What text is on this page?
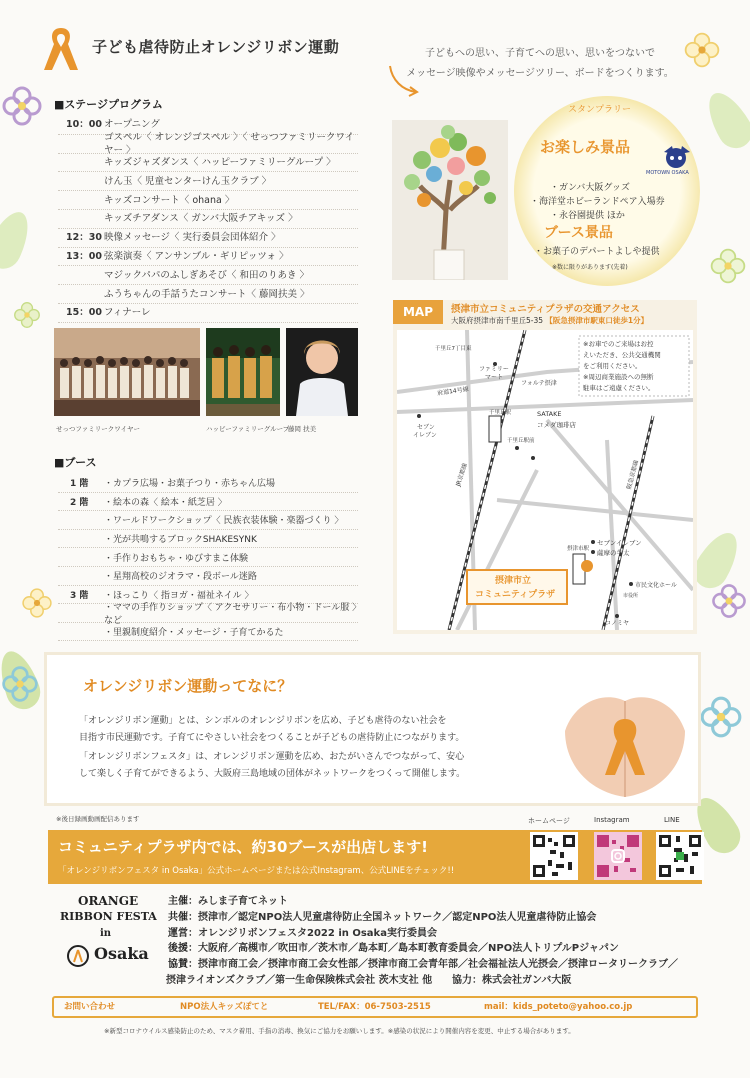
子ども虐待防止オレンジリボン運動
■ステージプログラム
10：00 オープニング
ゴスペル〈 オレンジゴスペル 〉〈 せっつファミリークワイヤー 〉
キッズジャズダンス〈 ハッピーファミリーグループ 〉
けん玉〈 児童センターけん玉クラブ 〉
キッズコンサート〈 ohana 〉
キッズチアダンス〈 ガンバ大阪チアキッズ 〉
12：30 映像メッセージ〈 実行委員会団体紹介 〉
13：00 弦楽演奏〈 アンサンブル・ギリピッツォ 〉
マジックパパのふしぎあそび〈 和田のりあき 〉
ふうちゃんの手話うたコンサート〈 藤岡扶美 〉
15：00 フィナーレ
せっつファミリークワイヤー	ハッピーファミリーグループ
藤岡 扶美
■ブース
1 階	・カプラ広場・お菓子つり・赤ちゃん広場
2 階	・絵本の森〈 絵本・紙芝居 〉
・ワールドワークショップ〈 民族衣装体験・楽器づくり 〉
・光が共鳴するブロックSHAKESYNK
・手作りおもちゃ・ゆびすまこ体験
・星翔高校のジオラマ・段ボール迷路
3 階	・ほっこり〈 指ヨガ・福祉ネイル 〉
・ママの手作りショップ〈 アクセサリー・布小物・ドール服 〉など
・里親制度紹介・メッセージ・子育てかるた
子どもへの思い、子育てへの思い、思いをつないで
メッセージ映像やメッセージツリー、ボードをつくります。
スタンプラリー
お楽しみ景品
MOTOWN OSAKA
・ガンバ大阪グッズ
・海洋堂ホビーランドペア入場券
・永谷園提供 ほか
ブース景品
・お菓子のデパートよしや提供
※数に限りがあります(先着)
MAP	摂津市立コミュニティプラザの交通アクセス
大阪府摂津市南千里丘5-35 【阪急摂津市駅東口徒歩1分】
※お車でのご来場はお控
えいただき、公共交通機関
をご利用ください。
※周辺商業施設への無断
駐車はご遠慮ください。
千里丘7丁目東
ファミリー
マート
府道14号線
フォルテ摂津
セブン
イレブン
SATAKE
コメダ珈琲店
千里丘駅前
JR京都線	阪急京都線
千里丘駅
摂津市駅
セブンイレブン
薩摩の牛太
市民文化ホール
市役所
コノミヤ
摂津市立
コミュニティプラザ
オレンジリボン運動ってなに？
「オレンジリボン運動」とは、シンボルのオレンジリボンを広め、子ども虐待のない社会を
目指す市民運動です。子育てにやさしい社会をつくることが子どもの虐待防止につながります。
「オレンジリボンフェスタ」は、オレンジリボン運動を広め、おたがいさんでつながって、安心
して楽しく子育てができるよう、大阪府三島地域の団体がネットワークをつくって開催します。
※後日録画動画配信あります	ホームページ	Instagram	LINE
コミュニティプラザ内では、約30ブースが出店します!
「オレンジリボンフェスタ in Osaka」公式ホームページまたは公式Instagram、公式LINEをチェック!!
ORANGE
RIBBON FESTA
in
Osaka
主催：みしま子育てネット
共催：摂津市／認定NPO法人児童虐待防止全国ネットワーク／認定NPO法人児童虐待防止協会
運営：オレンジリボンフェスタ2022 in Osaka実行委員会
後援：大阪府／高槻市／吹田市／茨木市／島本町／島本町教育委員会／NPO法人トリプルPジャパン
協賛：摂津市商工会／摂津市商工会女性部／摂津市商工会青年部／社会福祉法人光摂会／摂津ロータリークラブ／
摂津ライオンズクラブ／第一生命保険株式会社 茨木支社 他　　協力：株式会社ガンバ大阪
お問い合わせ	NPO法人キッズぽてと	TEL/FAX：06-7503-2515	mail：kids_poteto@yahoo.co.jp
※新型コロナウイルス感染防止のため、マスク着用、手指の消毒、換気にご協力をお願いします。※感染の状況により開催内容を変更、中止する場合があります。
